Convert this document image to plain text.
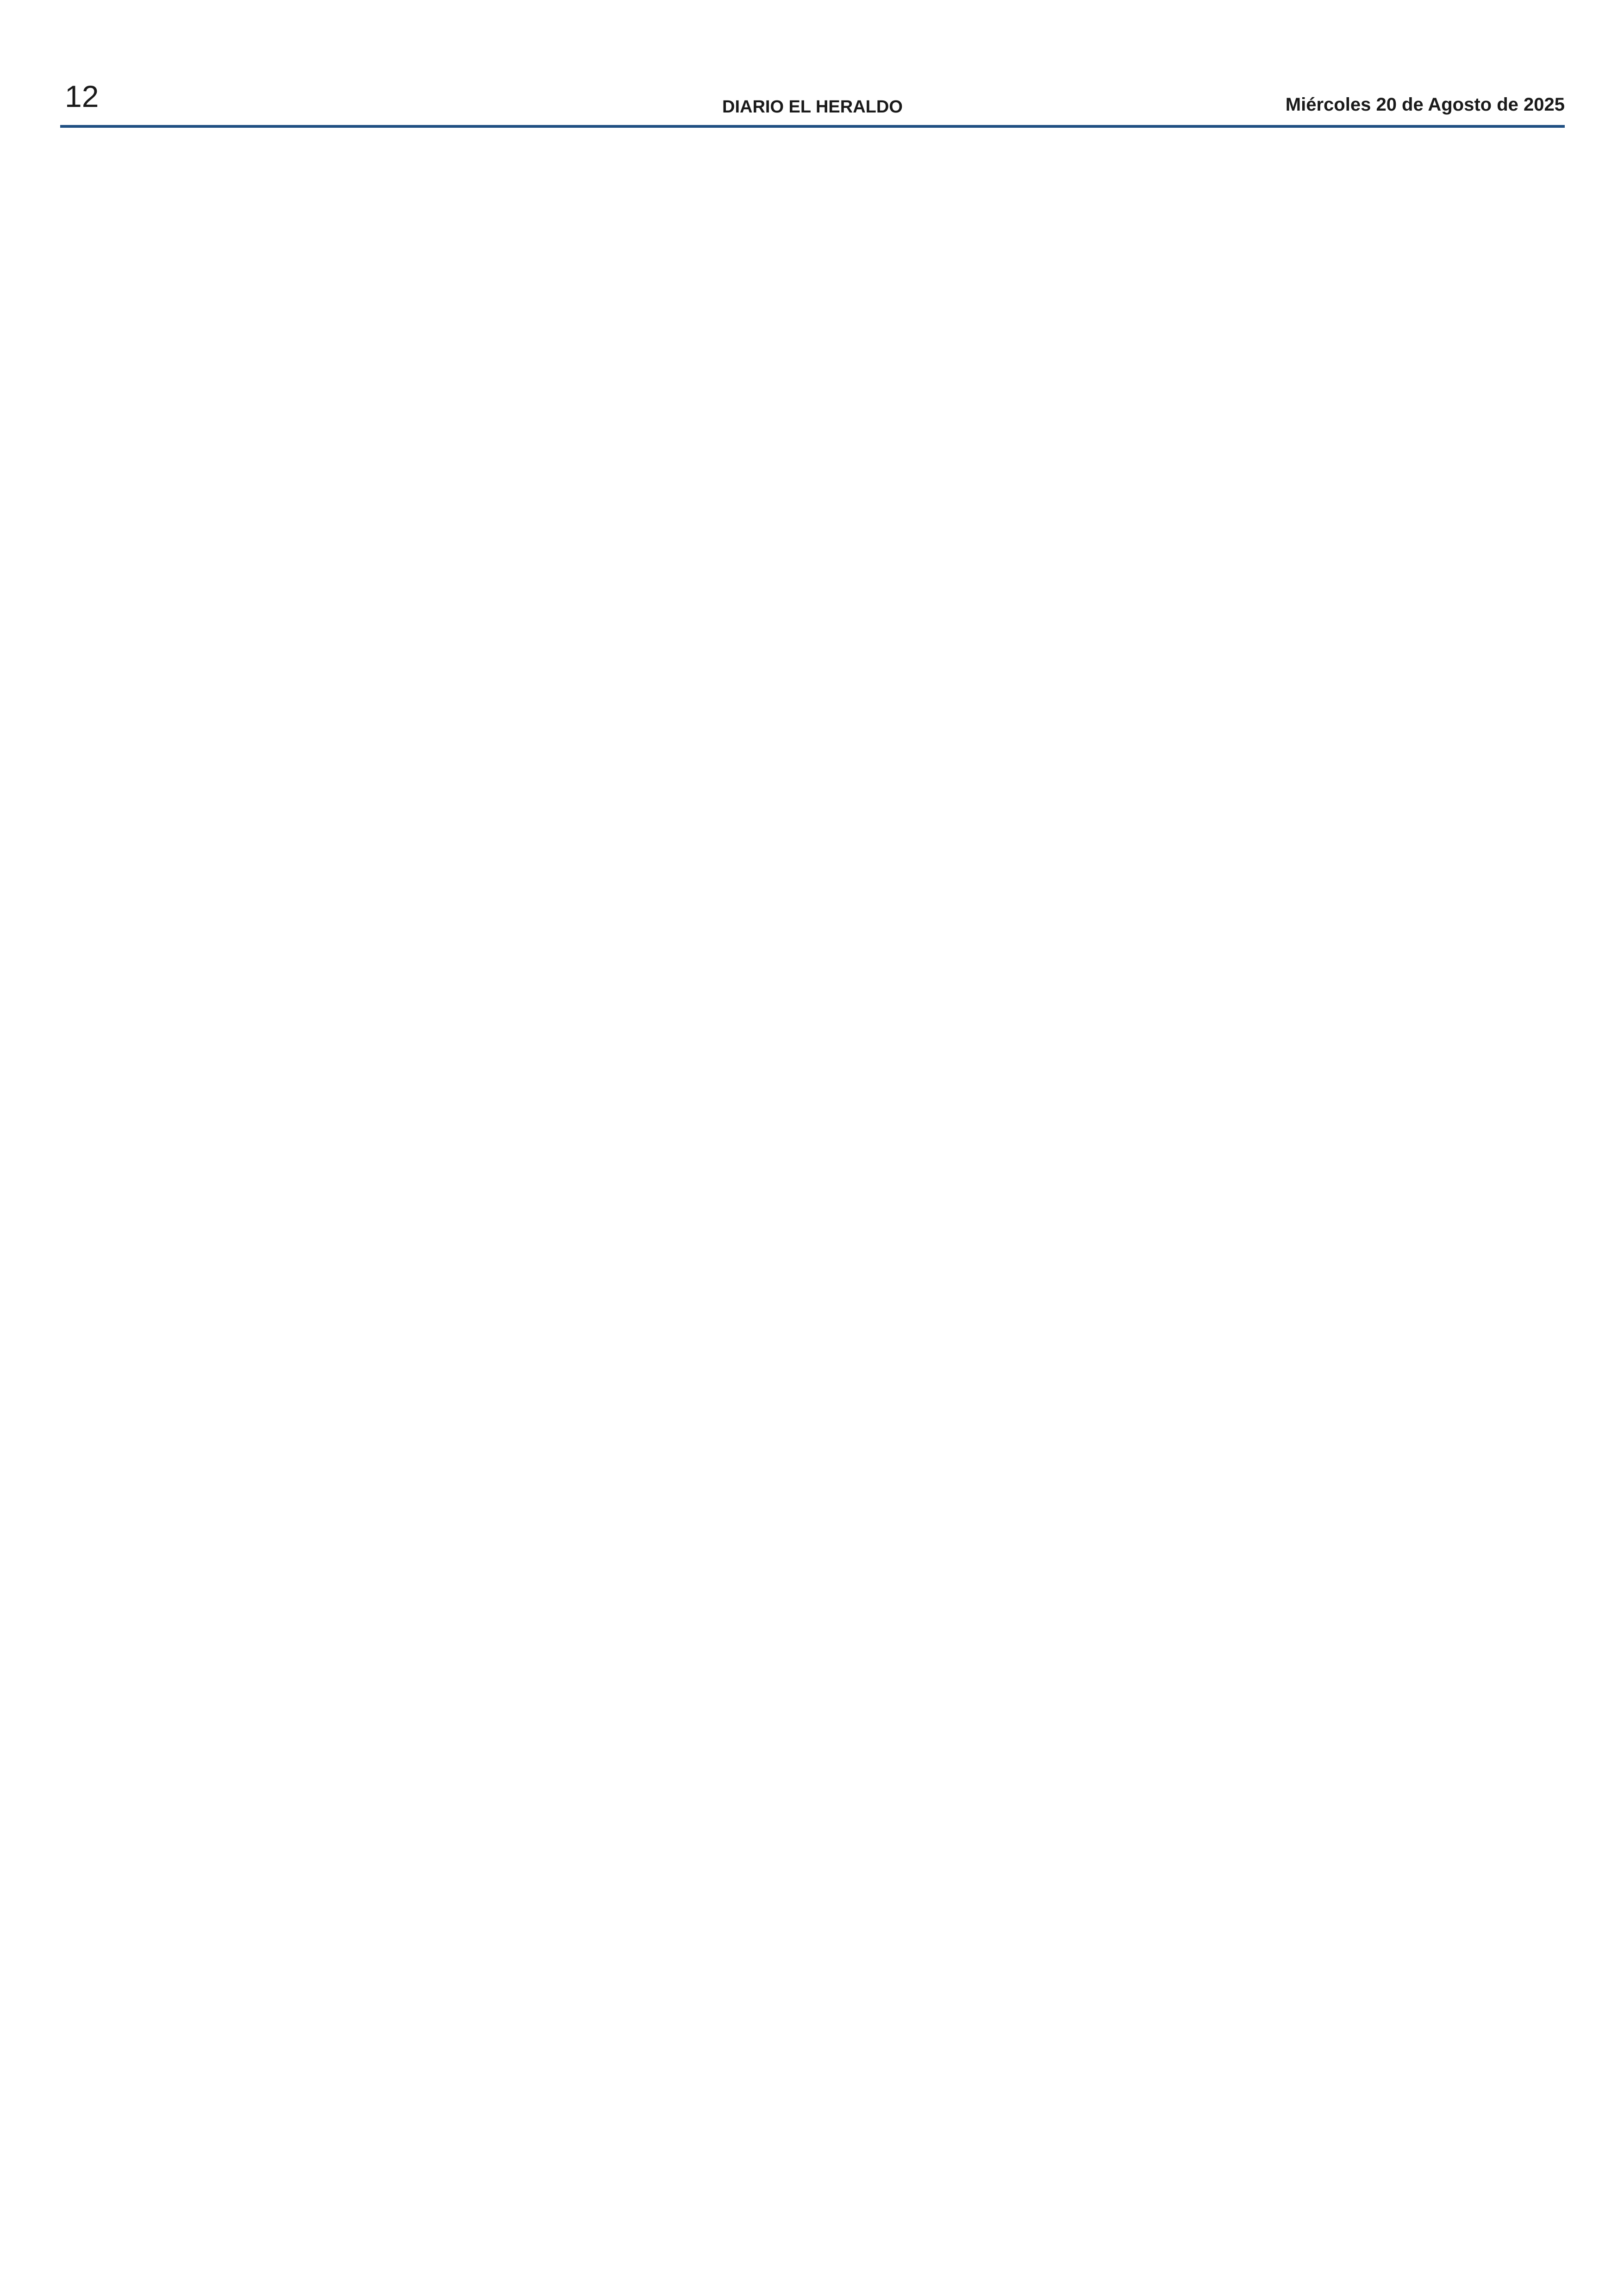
12	DIARIO EL HERALDO	Miércoles 20 de Agosto de 2025
